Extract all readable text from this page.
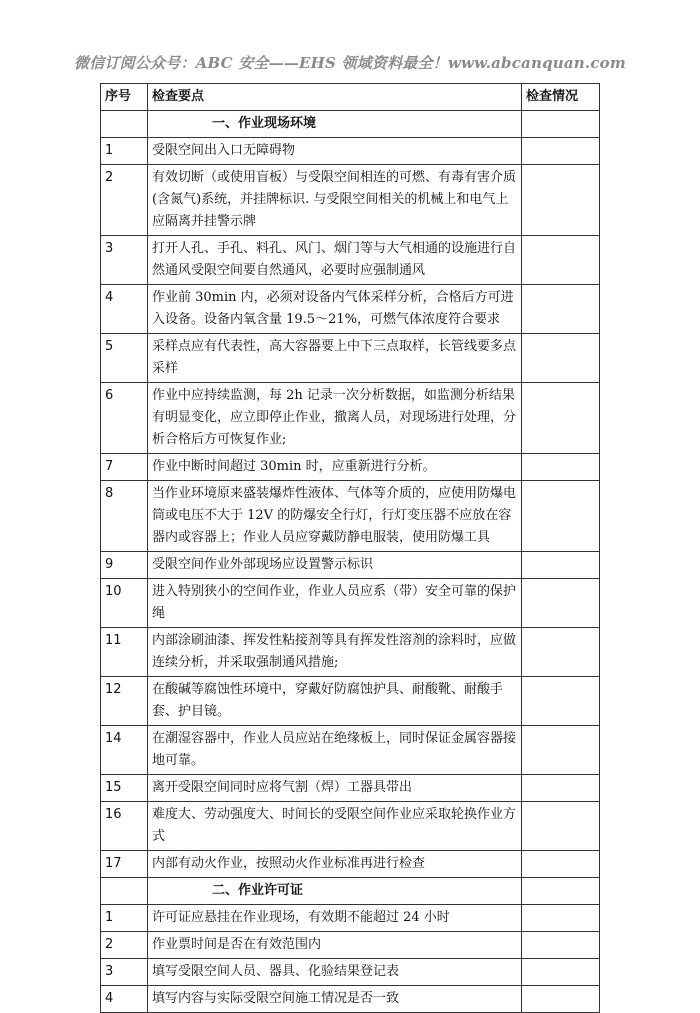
微信订阅公众号：ABC 安全——EHS 领域资料最全！www.abcanquan.com
序号	检查要点	检查情况
	一、作业现场环境	
1	受限空间出入口无障碍物	
2	有效切断（或使用盲板）与受限空间相连的可燃、有毒有害介质(含氮气)系统，并挂牌标识. 与受限空间相关的机械上和电气上应隔离并挂警示牌	
3	打开人孔、手孔、料孔、风门、烟门等与大气相通的设施进行自然通风受限空间要自然通风，必要时应强制通风	
4	作业前 30min 内，必须对设备内气体采样分析，合格后方可进入设备。设备内氧含量 19.5～21%，可燃气体浓度符合要求	
5	采样点应有代表性，高大容器要上中下三点取样，长管线要多点采样	
6	作业中应持续监测，每 2h 记录一次分析数据，如监测分析结果有明显变化，应立即停止作业，撤离人员，对现场进行处理，分析合格后方可恢复作业;	
7	作业中断时间超过 30min 时，应重新进行分析。	
8	当作业环境原来盛装爆炸性液体、气体等介质的，应使用防爆电筒或电压不大于 12V 的防爆安全行灯，行灯变压器不应放在容器内或容器上；作业人员应穿戴防静电服装，使用防爆工具	
9	受限空间作业外部现场应设置警示标识	
10	进入特别狭小的空间作业，作业人员应系（带）安全可靠的保护绳	
11	内部涂刷油漆、挥发性粘接剂等具有挥发性溶剂的涂料时，应做连续分析，并采取强制通风措施;	
12	在酸碱等腐蚀性环境中，穿戴好防腐蚀护具、耐酸靴、耐酸手套、护目镜。	
14	在潮湿容器中，作业人员应站在绝缘板上，同时保证金属容器接地可靠。	
15	离开受限空间同时应将气割（焊）工器具带出	
16	难度大、劳动强度大、时间长的受限空间作业应采取轮换作业方式	
17	内部有动火作业，按照动火作业标准再进行检查	
	二、作业许可证	
1	许可证应悬挂在作业现场，有效期不能超过 24 小时	
2	作业票时间是否在有效范围内	
3	填写受限空间人员、器具、化验结果登记表	
4	填写内容与实际受限空间施工情况是否一致	
